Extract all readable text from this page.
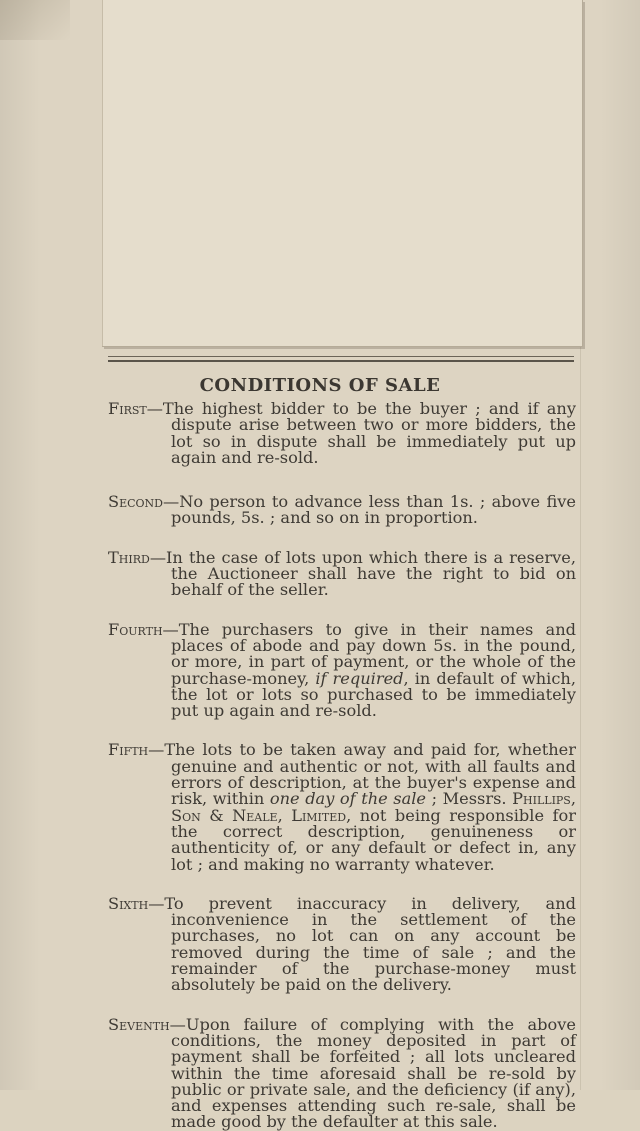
CONDITIONS OF SALE

First—The highest bidder to be the buyer ; and if any dispute arise between two or more bidders, the lot so in dispute shall be immediately put up again and re-sold.

Second—No person to advance less than 1s. ; above five pounds, 5s. ; and so on in proportion.

Third—In the case of lots upon which there is a reserve, the Auctioneer shall have the right to bid on behalf of the seller.

Fourth—The purchasers to give in their names and places of abode and pay down 5s. in the pound, or more, in part of payment, or the whole of the purchase-money, if required, in default of which, the lot or lots so purchased to be immediately put up again and re-sold.

Fifth—The lots to be taken away and paid for, whether genuine and authentic or not, with all faults and errors of description, at the buyer's expense and risk, within one day of the sale ; Messrs. Phillips, Son & Neale, Limited, not being responsible for the correct description, genuineness or authenticity of, or any default or defect in, any lot ; and making no warranty whatever.

Sixth—To prevent inaccuracy in delivery, and inconvenience in the settlement of the purchases, no lot can on any account be removed during the time of sale ; and the remainder of the purchase-money must absolutely be paid on the delivery.

Seventh—Upon failure of complying with the above conditions, the money deposited in part of payment shall be forfeited ; all lots uncleared within the time aforesaid shall be re-sold by public or private sale, and the deficiency (if any), and expenses attending such re-sale, shall be made good by the defaulter at this sale.
